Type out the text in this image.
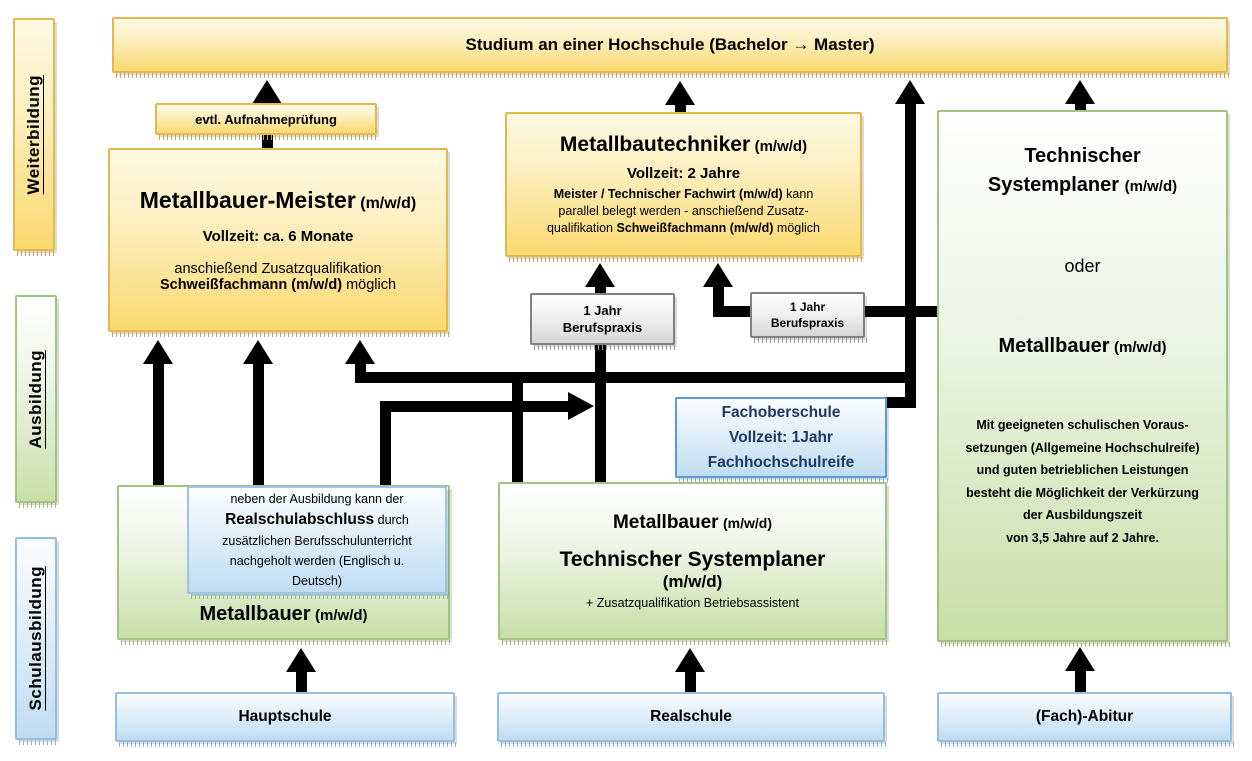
Weiterbildung
Ausbildung
Schulausbildung
Studium an einer Hochschule (Bachelor → Master)
evtl. Aufnahmeprüfung
Metallbauer-Meister (m/w/d)
Vollzeit: ca. 6 Monate
anschießend Zusatzqualifikation
Schweißfachmann (m/w/d) möglich
Metallbautechniker (m/w/d)
Vollzeit: 2 Jahre
Meister / Technischer Fachwirt (m/w/d) kann
parallel belegt werden - anschießend Zusatz-
qualifikation Schweißfachmann (m/w/d) möglich
Technischer
Systemplaner (m/w/d)
oder
Metallbauer (m/w/d)
Mit geeigneten schulischen Voraus-
setzungen (Allgemeine Hochschulreife)
und guten betrieblichen Leistungen
besteht die Möglichkeit der Verkürzung
der Ausbildungszeit
von 3,5 Jahre auf 2 Jahre.
1 Jahr
Berufspraxis
1 Jahr
Berufspraxis
Fachoberschule
Vollzeit: 1Jahr
Fachhochschulreife
Metallbauer (m/w/d)
neben der Ausbildung kann der
Realschulabschluss durch
zusätzlichen Berufsschulunterricht
nachgeholt werden (Englisch u.
Deutsch)
Metallbauer (m/w/d)
Technischer Systemplaner
(m/w/d)
+ Zusatzqualifikation Betriebsassistent
Hauptschule	Realschule	(Fach)-Abitur
